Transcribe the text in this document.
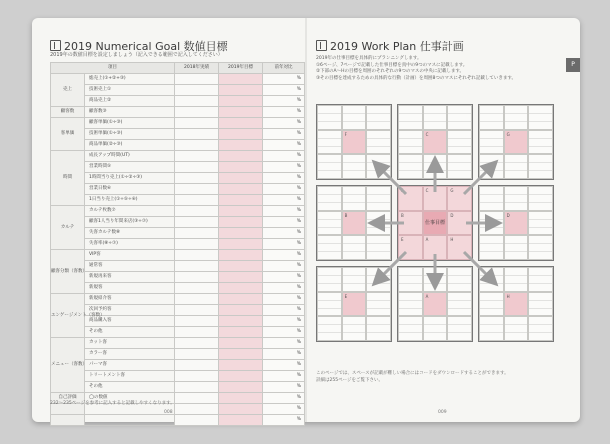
2019 Numerical Goal 数値目標
2019年の数値目標を設定しましょう（記入できる範囲で記入してください）
項目		2018年実績	2019年目標	前年対比
売上	総売上(①+②+③)			%
	技術売上①			%
	商品売上②			%
顧客数	顧客数③			%
客単価	顧客単価(①÷③)			%
	技術単価(①÷③)			%
	商品単価(②÷③)			%
時間	成長アップ時間(UT)			%
	営業時間⑤			%
	1時間当り売上(①÷②÷③)			%
	営業日数⑥			%
	1日当り売上(①÷⑤÷⑥)			%
カルテ	カルテ枚数⑦			%
	顧客1人当り年間来店(③÷⑦)			%
	失客カルテ数⑧			%
	失客率(⑧÷⑦)			%
顧客分類（客数）	VIP客			%
	通常客			%
	新規再来客			%
	新規客			%
エンゲージメント（客数）	新規紹介客			%
	次回予約客			%
	商品購入客			%
	その他			%
メニュー（客数）	カット客			%
	カラー客			%
	パーマ客			%
	トリートメント客			%
	その他			%
自己評価	◯の数値			%
				%
				%
232～235ページを参考に記入すると記載しやすくなります。
008
2019 Work Plan 仕事計画
2019年の仕事目標を具体的にプランニングします。
①6ページ、7ページで記載した仕事目標を真中の9つのマスに記載します。
②下部のA～Hの目標を周囲のそれぞれの9つのマスの中央に記載します。
③その目標を達成するための具体的な行動（計画）を周囲8つのマスにそれぞれ記載していきます。
P
F	C	G
B
F	C	G
B
仕事目標
D
E	A	H
D
E	A	H
このページでは、スペースが記載が難しい場合にはコードをダウンロードすることができます。
詳細は255ページをご覧下さい。
009
